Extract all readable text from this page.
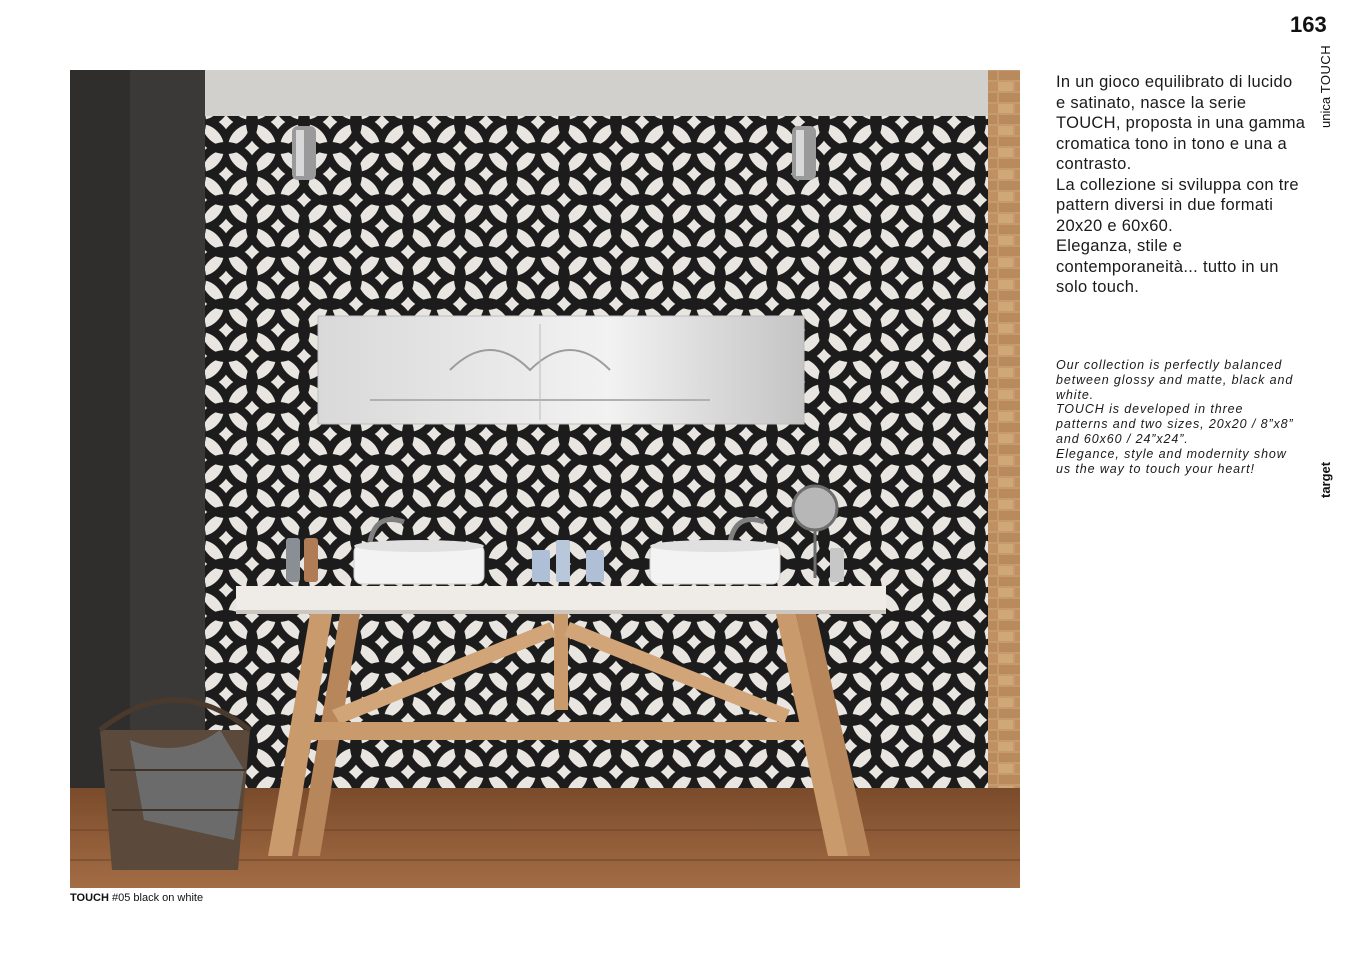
163
unica TOUCH
target
TOUCH #05 black on white

In un gioco equilibrato di lucido e satinato, nasce la serie TOUCH, proposta in una gamma cromatica tono in tono e una a contrasto.

La collezione si sviluppa con tre pattern diversi in due formati 20x20 e 60x60.

Eleganza, stile e contemporaneità... tutto in un solo touch.

Our collection is perfectly balanced between glossy and matte, black and white.

TOUCH is developed in three patterns and two sizes, 20x20 / 8”x8” and 60x60 / 24”x24”.

Elegance, style and modernity show us the way to touch your heart!
